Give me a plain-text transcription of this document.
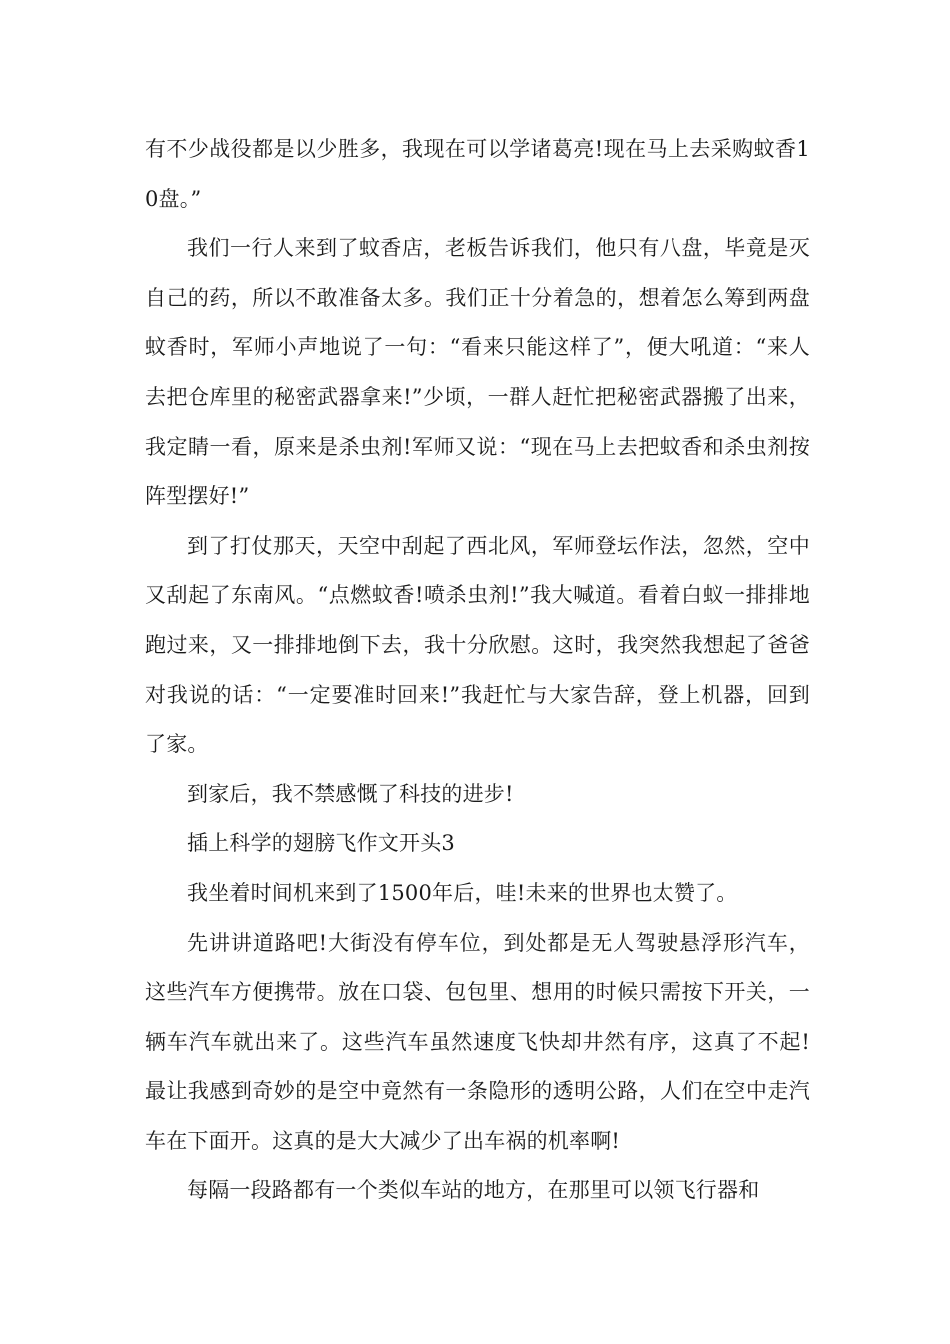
有不少战役都是以少胜多，我现在可以学诸葛亮!现在马上去采购蚊香10盘。”

我们一行人来到了蚊香店，老板告诉我们，他只有八盘，毕竟是灭自己的药，所以不敢准备太多。我们正十分着急的，想着怎么筹到两盘蚊香时，军师小声地说了一句：“看来只能这样了”，便大吼道：“来人去把仓库里的秘密武器拿来!”少顷，一群人赶忙把秘密武器搬了出来，我定睛一看，原来是杀虫剂!军师又说：“现在马上去把蚊香和杀虫剂按阵型摆好!”

到了打仗那天，天空中刮起了西北风，军师登坛作法，忽然，空中又刮起了东南风。“点燃蚊香!喷杀虫剂!”我大喊道。看着白蚁一排排地跑过来，又一排排地倒下去，我十分欣慰。这时，我突然我想起了爸爸对我说的话：“一定要准时回来!”我赶忙与大家告辞，登上机器，回到了家。

到家后，我不禁感慨了科技的进步!

插上科学的翅膀飞作文开头3

我坐着时间机来到了1500年后，哇!未来的世界也太赞了。

先讲讲道路吧!大街没有停车位，到处都是无人驾驶悬浮形汽车，这些汽车方便携带。放在口袋、包包里、想用的时候只需按下开关，一辆车汽车就出来了。这些汽车虽然速度飞快却井然有序，这真了不起!最让我感到奇妙的是空中竟然有一条隐形的透明公路，人们在空中走汽车在下面开。这真的是大大减少了出车祸的机率啊!

每隔一段路都有一个类似车站的地方，在那里可以领飞行器和
